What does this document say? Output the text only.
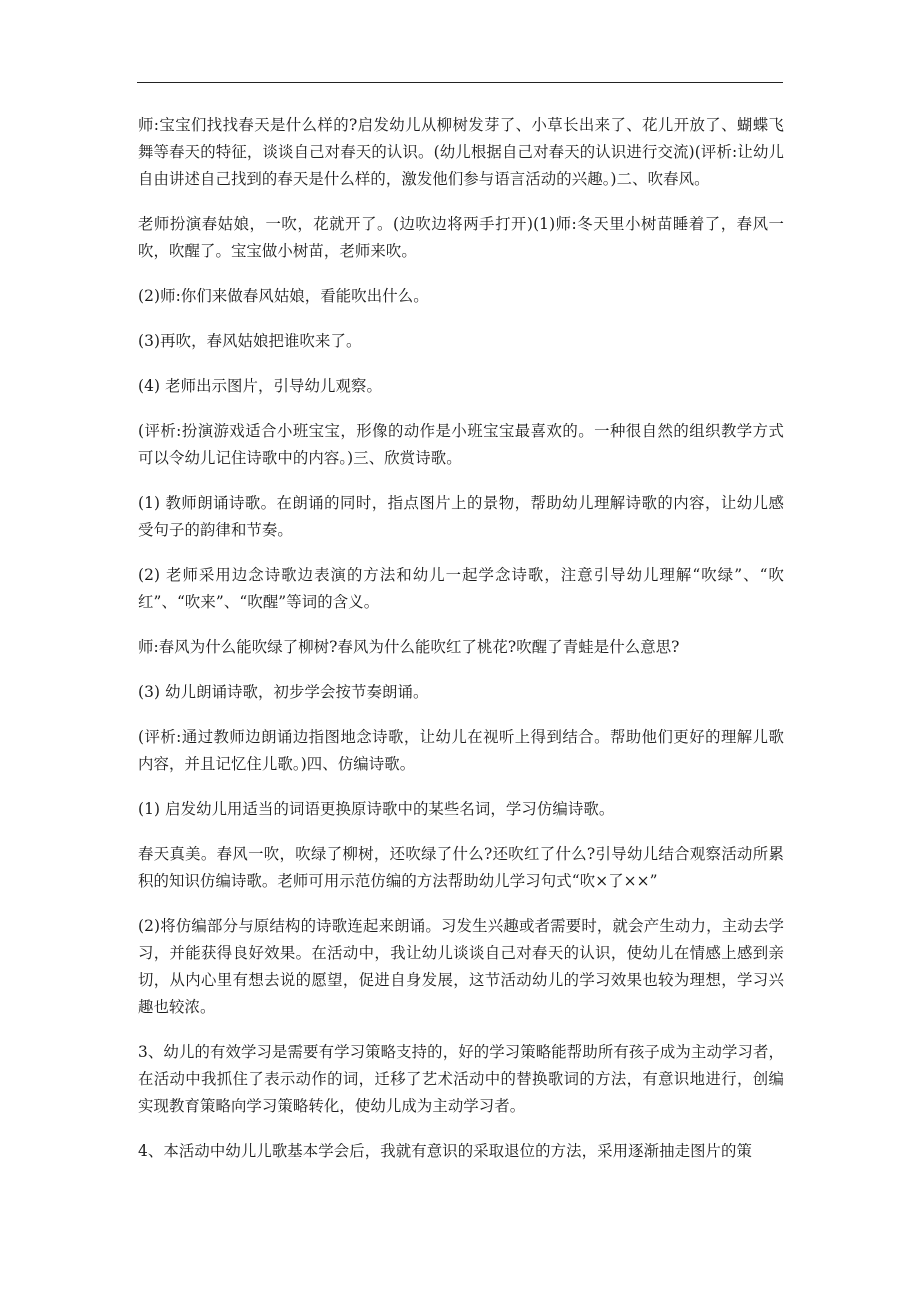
师:宝宝们找找春天是什么样的?启发幼儿从柳树发芽了、小草长出来了、花儿开放了、蝴蝶飞舞等春天的特征，谈谈自己对春天的认识。(幼儿根据自己对春天的认识进行交流)(评析:让幼儿自由讲述自己找到的春天是什么样的，激发他们参与语言活动的兴趣。)二、吹春风。

老师扮演春姑娘，一吹，花就开了。(边吹边将两手打开)(1)师:冬天里小树苗睡着了，春风一吹，吹醒了。宝宝做小树苗，老师来吹。

(2)师:你们来做春风姑娘，看能吹出什么。

(3)再吹，春风姑娘把谁吹来了。

(4) 老师出示图片，引导幼儿观察。

(评析:扮演游戏适合小班宝宝，形像的动作是小班宝宝最喜欢的。一种很自然的组织教学方式可以令幼儿记住诗歌中的内容。)三、欣赏诗歌。

(1) 教师朗诵诗歌。在朗诵的同时，指点图片上的景物，帮助幼儿理解诗歌的内容，让幼儿感受句子的韵律和节奏。

(2) 老师采用边念诗歌边表演的方法和幼儿一起学念诗歌，注意引导幼儿理解“吹绿”、“吹红”、“吹来”、“吹醒”等词的含义。

师:春风为什么能吹绿了柳树?春风为什么能吹红了桃花?吹醒了青蛙是什么意思?

(3) 幼儿朗诵诗歌，初步学会按节奏朗诵。

(评析:通过教师边朗诵边指图地念诗歌，让幼儿在视听上得到结合。帮助他们更好的理解儿歌内容，并且记忆住儿歌。)四、仿编诗歌。

(1) 启发幼儿用适当的词语更换原诗歌中的某些名词，学习仿编诗歌。

春天真美。春风一吹，吹绿了柳树，还吹绿了什么?还吹红了什么?引导幼儿结合观察活动所累积的知识仿编诗歌。老师可用示范仿编的方法帮助幼儿学习句式“吹×了××”

(2)将仿编部分与原结构的诗歌连起来朗诵。习发生兴趣或者需要时，就会产生动力，主动去学习，并能获得良好效果。在活动中，我让幼儿谈谈自己对春天的认识，使幼儿在情感上感到亲切，从内心里有想去说的愿望，促进自身发展，这节活动幼儿的学习效果也较为理想，学习兴趣也较浓。

3、幼儿的有效学习是需要有学习策略支持的，好的学习策略能帮助所有孩子成为主动学习者，在活动中我抓住了表示动作的词，迁移了艺术活动中的替换歌词的方法，有意识地进行，创编实现教育策略向学习策略转化，使幼儿成为主动学习者。

4、本活动中幼儿儿歌基本学会后，我就有意识的采取退位的方法，采用逐渐抽走图片的策
